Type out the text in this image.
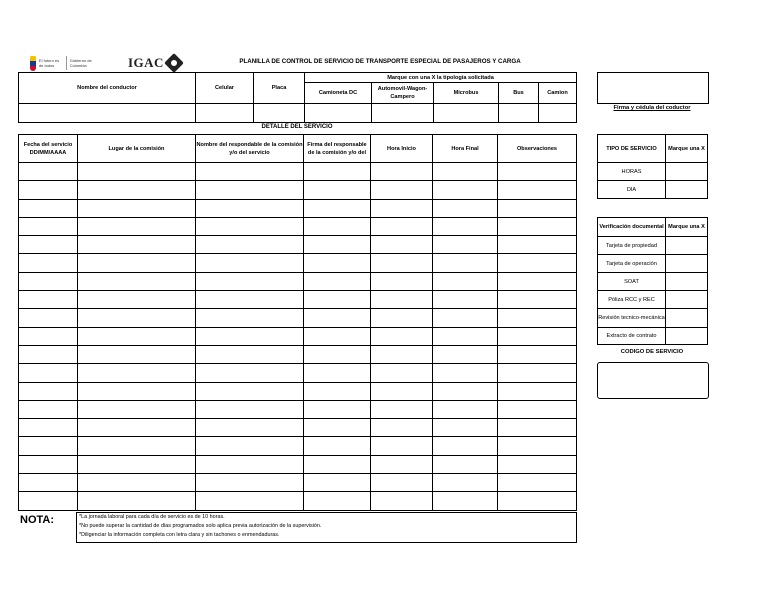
El futuro es de todos
Gobierno de Colombia	IGAC	PLANILLA DE CONTROL DE SERVICIO DE TRANSPORTE ESPECIAL DE PASAJEROS Y CARGA
Nombre del conductor	Celular	Placa	Marque con una X la tipología solicitada				
			Camioneta DC	Automovil-Wagon-Campero	Microbus	Bus	Camion

DETALLE DEL SERVICIO
Fecha del servicio DD/MM/AAAA	Lugar de la comisión	Nombre del respondable de la comisión y/o del servicio	Firma del responsable de la comisión y/o del	Hora Inicio	Hora Final	Observaciones

Firma y cédula del coductor
TIPO DE SERVICIO	Marque una X
HORAS	
DIA	
Verificación documental	Marque una X
Tarjeta de propiedad	
Tarjeta de operación	
SOAT	
Póliza RCC y REC	
Revisión tecnico-mecánica	
Extracto de contrato	
CODIGO DE SERVICIO
NOTA:	*La jornada laboral para cada día de servicio es de 10 horas.
*No puede superar la cantidad de días programados solo aplica previa autorización de la supervisión.
*Diligenciar la información completa con letra clara y sin tachones o enmendaduras.
